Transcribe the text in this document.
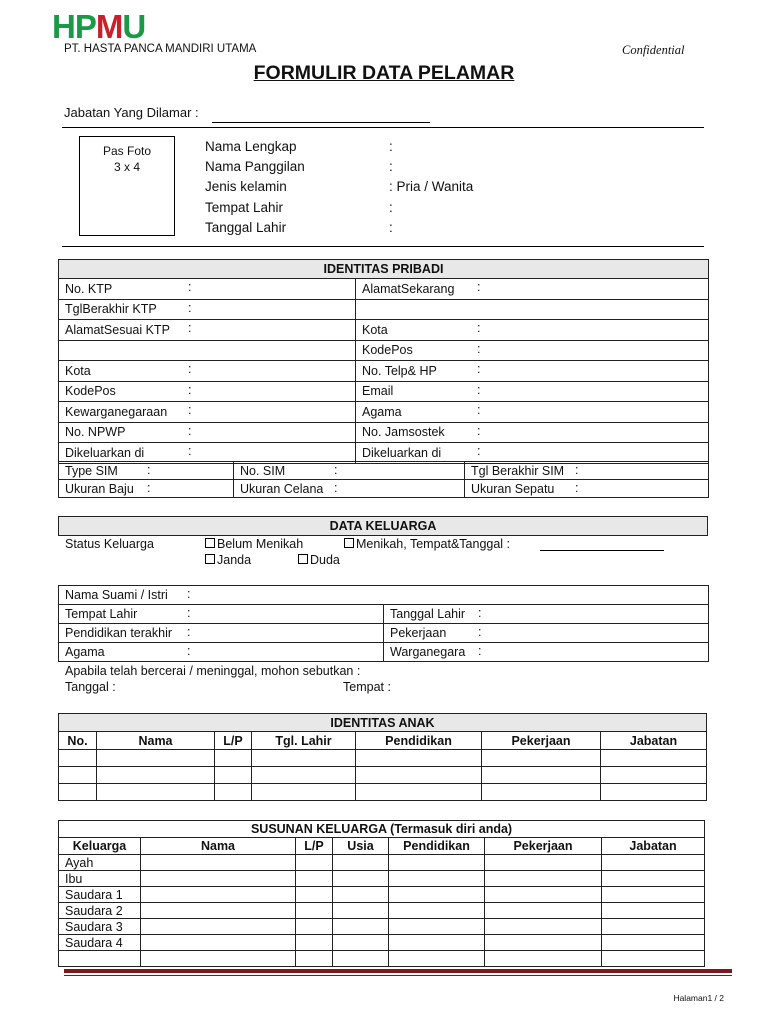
HPMU
PT. HASTA PANCA MANDIRI UTAMA	Confidential
FORMULIR DATA PELAMAR
Jabatan Yang Dilamar :
Pas Foto
3 x 4
Nama Lengkap	:
Nama Panggilan	:
Jenis kelamin	: Pria / Wanita
Tempat Lahir	:
Tanggal Lahir	:
IDENTITAS PRIBADI	
No. KTP :	AlamatSekarang :

TglBerakhir KTP :	

AlamatSesuai KTP :	Kota :

	KodePos :

Kota :	No. Telp& HP :

KodePos :	Email :

Kewarganegaraan :	Agama :

No. NPWP :	No. Jamsostek :

Dikeluarkan di :	Dikeluarkan di :
Type SIM :	No. SIM :	Tgl Berakhir SIM :

Ukuran Baju :	Ukuran Celana :	Ukuran Sepatu :
DATA KELUARGA
Status Keluarga	Belum Menikah	Menikah, Tempat&Tanggal :
Janda	Duda
Nama Suami / Istri :	

Tempat Lahir :	Tanggal Lahir :

Pendidikan terakhir :	Pekerjaan :

Agama :	Warganegara :
Apabila telah bercerai / meninggal, mohon sebutkan :
Tanggal :	Tempat :
IDENTITAS ANAK						
No.	Nama	L/P	Tgl. Lahir	Pendidikan	Pekerjaan	Jabatan

SUSUNAN KELUARGA (Termasuk diri anda)						
Keluarga	Nama	L/P	Usia	Pendidikan	Pekerjaan	Jabatan
Ayah						
Ibu						
Saudara 1						
Saudara 2						
Saudara 3						
Saudara 4						

Halaman1 / 2
